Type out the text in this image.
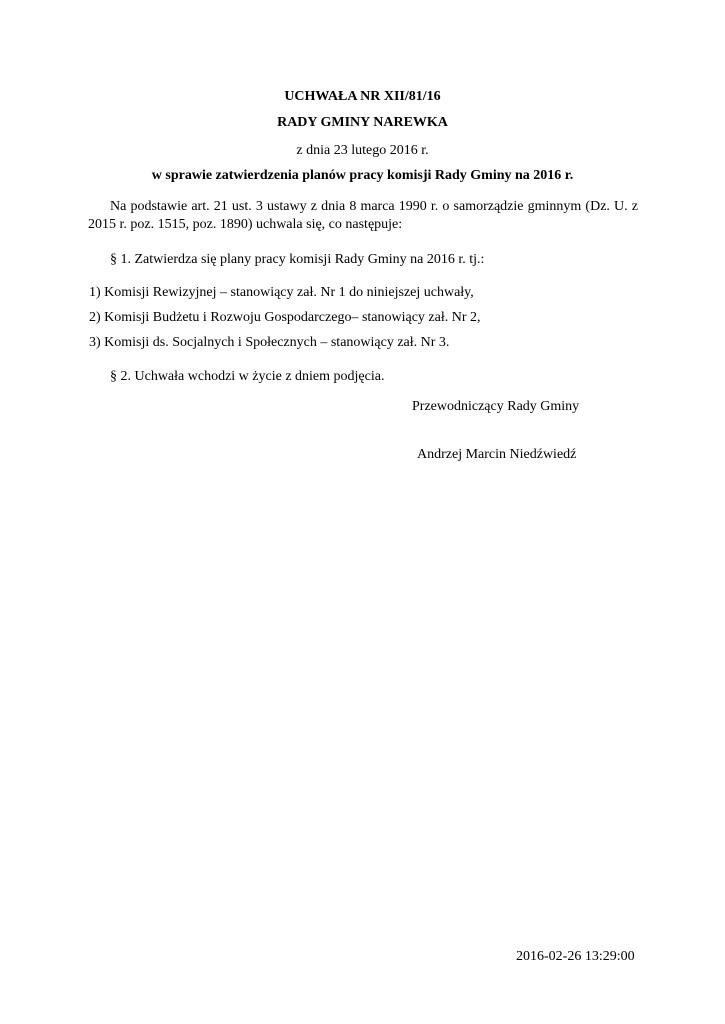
UCHWAŁA NR XII/81/16
RADY GMINY NAREWKA
z dnia 23 lutego 2016 r.
w sprawie zatwierdzenia planów pracy komisji Rady Gminy na 2016 r.
Na podstawie art. 21 ust. 3 ustawy z dnia 8 marca 1990 r. o samorządzie gminnym (Dz. U. z 2015 r. poz. 1515, poz. 1890) uchwala się, co następuje:
§ 1. Zatwierdza się plany pracy komisji Rady Gminy na 2016 r. tj.:
1) Komisji Rewizyjnej – stanowiący zał. Nr 1 do niniejszej uchwały,
2) Komisji Budżetu i Rozwoju Gospodarczego– stanowiący zał. Nr 2,
3) Komisji ds. Socjalnych i Społecznych – stanowiący zał. Nr 3.
§ 2. Uchwała wchodzi w życie z dniem podjęcia.
Przewodniczący Rady Gminy
Andrzej Marcin Niedźwiedź
2016-02-26 13:29:00
